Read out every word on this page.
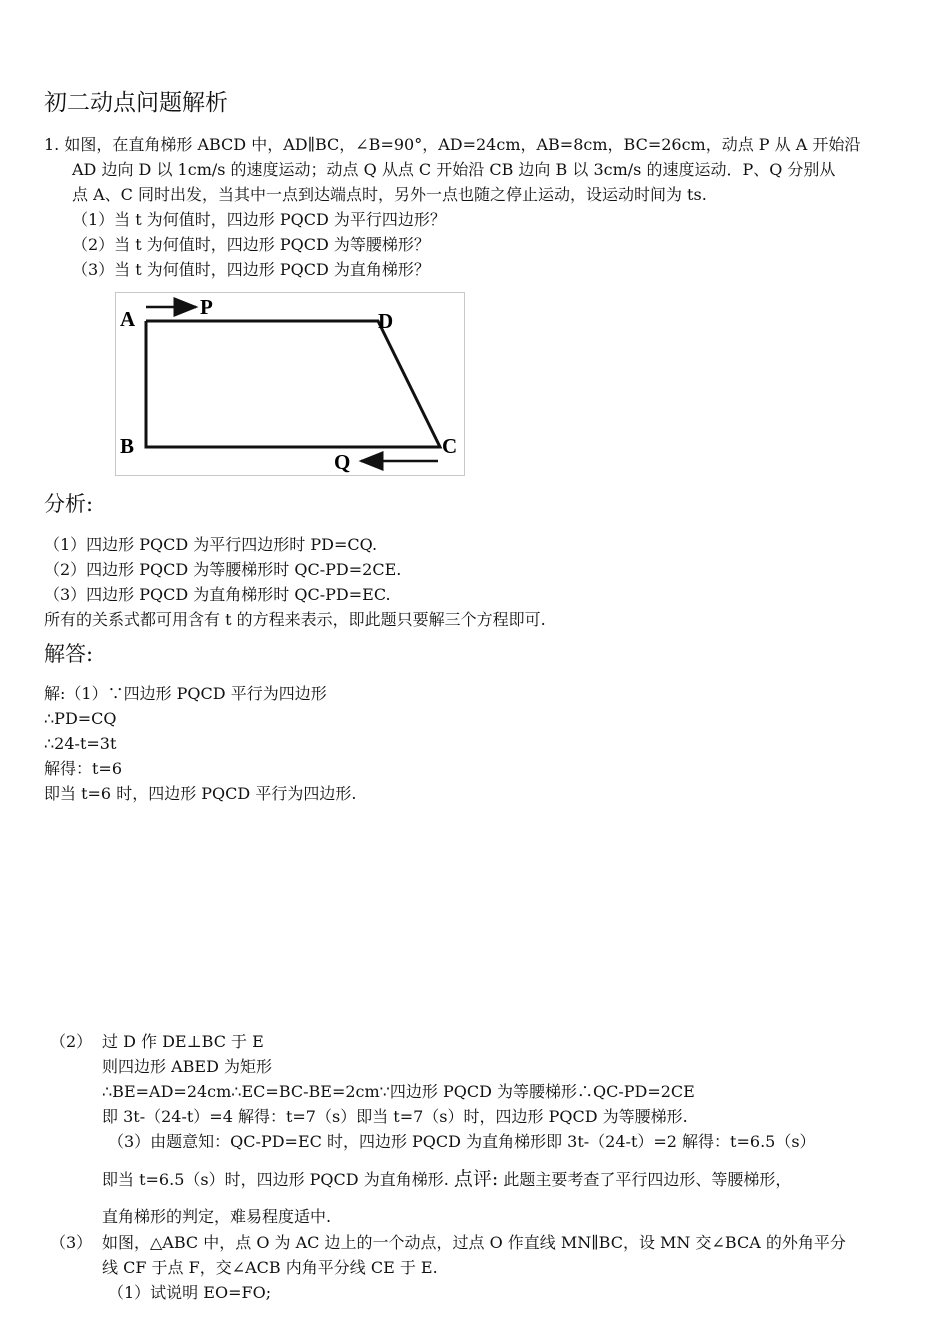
初二动点问题解析
1. 如图，在直角梯形 ABCD 中，AD∥BC，∠B=90°，AD=24cm，AB=8cm，BC=26cm，动点 P 从 A 开始沿
AD 边向 D 以 1cm/s 的速度运动；动点 Q 从点 C 开始沿 CB 边向 B 以 3cm/s 的速度运动．P、Q 分别从
点 A、C 同时出发，当其中一点到达端点时，另外一点也随之停止运动，设运动时间为 ts.
（1）当 t 为何值时，四边形 PQCD 为平行四边形？
（2）当 t 为何值时，四边形 PQCD 为等腰梯形？
（3）当 t 为何值时，四边形 PQCD 为直角梯形？
A	P
D
B	C
Q
分析:
（1）四边形 PQCD 为平行四边形时 PD=CQ.
（2）四边形 PQCD 为等腰梯形时 QC-PD=2CE.
（3）四边形 PQCD 为直角梯形时 QC-PD=EC.
所有的关系式都可用含有 t 的方程来表示，即此题只要解三个方程即可.
解答:
解:（1）∵四边形 PQCD 平行为四边形
∴PD=CQ
∴24-t=3t
解得：t=6
即当 t=6 时，四边形 PQCD 平行为四边形.
（2） 过 D 作 DE⊥BC 于 E
则四边形 ABED 为矩形
∴BE=AD=24cm∴EC=BC-BE=2cm∵四边形 PQCD 为等腰梯形∴QC-PD=2CE
即 3t-（24-t）=4 解得：t=7（s）即当 t=7（s）时，四边形 PQCD 为等腰梯形.
（3）由题意知：QC-PD=EC 时，四边形 PQCD 为直角梯形即 3t-（24-t）=2 解得：t=6.5（s）
即当 t=6.5（s）时，四边形 PQCD 为直角梯形. 点评: 此题主要考查了平行四边形、等腰梯形，
直角梯形的判定，难易程度适中.
（3） 如图，△ABC 中，点 O 为 AC 边上的一个动点，过点 O 作直线 MN∥BC，设 MN 交∠BCA 的外角平分
线 CF 于点 F，交∠ACB 内角平分线 CE 于 E.
（1）试说明 EO=FO;
